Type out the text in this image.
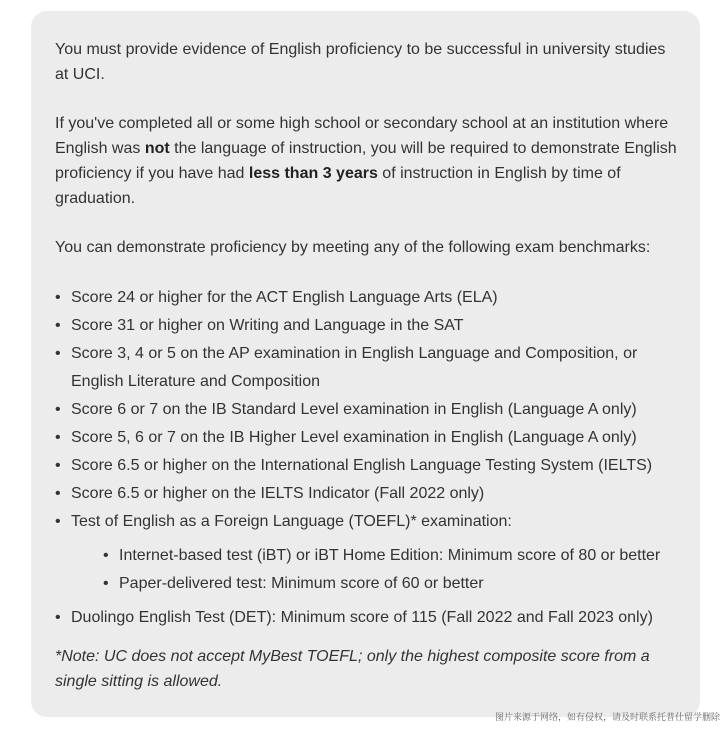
You must provide evidence of English proficiency to be successful in university studies at UCI.

If you've completed all or some high school or secondary school at an institution where English was not the language of instruction, you will be required to demonstrate English proficiency if you have had less than 3 years of instruction in English by time of graduation.

You can demonstrate proficiency by meeting any of the following exam benchmarks:

• Score 24 or higher for the ACT English Language Arts (ELA)
• Score 31 or higher on Writing and Language in the SAT
• Score 3, 4 or 5 on the AP examination in English Language and Composition, or English Literature and Composition
• Score 6 or 7 on the IB Standard Level examination in English (Language A only)
• Score 5, 6 or 7 on the IB Higher Level examination in English (Language A only)
• Score 6.5 or higher on the International English Language Testing System (IELTS)
• Score 6.5 or higher on the IELTS Indicator (Fall 2022 only)
• Test of English as a Foreign Language (TOEFL)* examination:
• Internet-based test (iBT) or iBT Home Edition: Minimum score of 80 or better
• Paper-delivered test: Minimum score of 60 or better
• Duolingo English Test (DET): Minimum score of 115 (Fall 2022 and Fall 2023 only)

*Note: UC does not accept MyBest TOEFL; only the highest composite score from a single sitting is allowed.

图片来源于网络，如有侵权，请及时联系托普仕留学删除
